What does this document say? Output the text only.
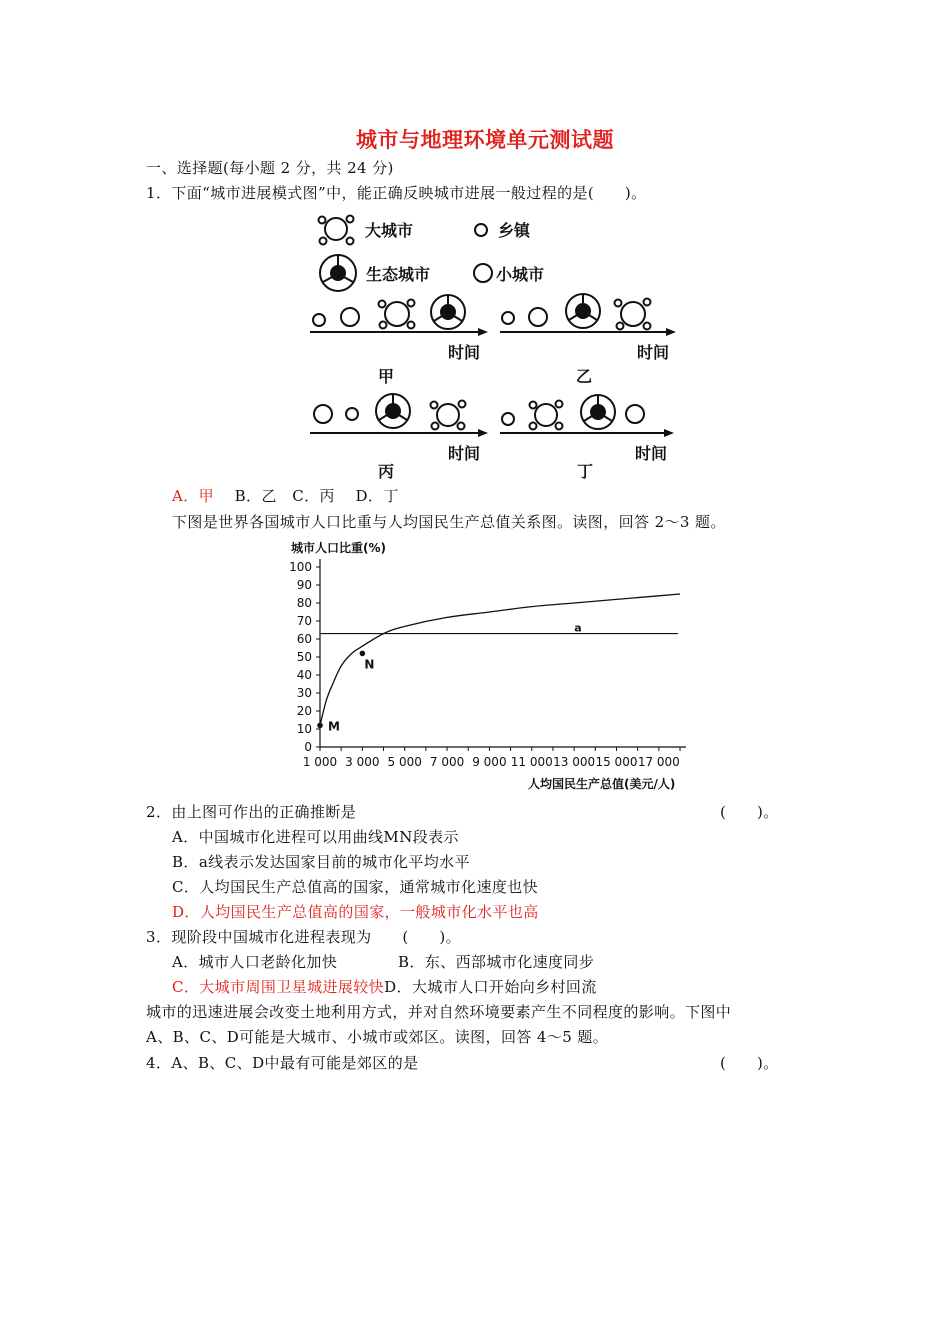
城市与地理环境单元测试题
一、选择题(每小题 2 分，共 24 分)
1．下面“城市进展模式图”中，能正确反映城市进展一般过程的是(　　)。
大城市	乡镇
生态城市	小城市
时间	时间
时间	时间
甲	乙
丙	丁
A．甲　 B．乙　C．丙　 D．丁
下图是世界各国城市人口比重与人均国民生产总值关系图。读图，回答 2～3 题。
城市人口比重(%)
人均国民生产总值(美元/人)
0
10
20
30
40
50
60
70
80
90
100
1 000 3 000 5 000 7 000 9 000 11 000 13 000 15 000 17 000
a
M
N
2．由上图可作出的正确推断是	(　　)。
A．中国城市化进程可以用曲线MN段表示
B．a线表示发达国家目前的城市化平均水平
C．人均国民生产总值高的国家，通常城市化速度也快
D．人均国民生产总值高的国家，一般城市化水平也高
3．现阶段中国城市化进程表现为　　(　　)。
A．城市人口老龄化加快	B．东、西部城市化速度同步
C．大城市周围卫星城进展较快D．大城市人口开始向乡村回流
城市的迅速进展会改变土地利用方式，并对自然环境要素产生不同程度的影响。下图中
A、B、C、D可能是大城市、小城市或郊区。读图，回答 4～5 题。
4．A、B、C、D中最有可能是郊区的是	(　　)。
